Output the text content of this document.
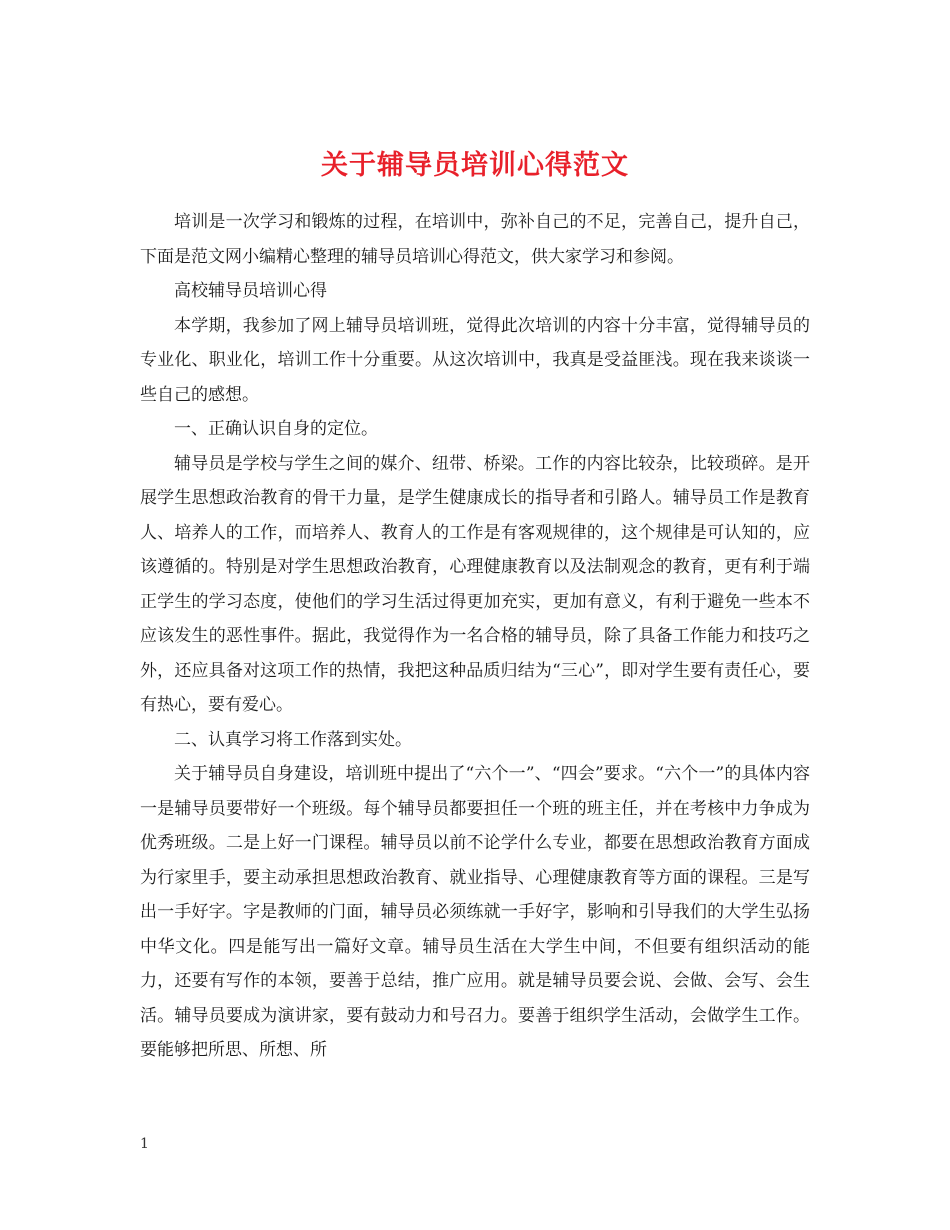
关于辅导员培训心得范文

培训是一次学习和锻炼的过程，在培训中，弥补自己的不足，完善自己，提升自己，下面是范文网小编精心整理的辅导员培训心得范文，供大家学习和参阅。

高校辅导员培训心得

本学期，我参加了网上辅导员培训班，觉得此次培训的内容十分丰富，觉得辅导员的专业化、职业化，培训工作十分重要。从这次培训中，我真是受益匪浅。现在我来谈谈一些自己的感想。

一、正确认识自身的定位。

辅导员是学校与学生之间的媒介、纽带、桥梁。工作的内容比较杂，比较琐碎。是开展学生思想政治教育的骨干力量，是学生健康成长的指导者和引路人。辅导员工作是教育人、培养人的工作，而培养人、教育人的工作是有客观规律的，这个规律是可认知的，应该遵循的。特别是对学生思想政治教育，心理健康教育以及法制观念的教育，更有利于端正学生的学习态度，使他们的学习生活过得更加充实，更加有意义，有利于避免一些本不应该发生的恶性事件。据此，我觉得作为一名合格的辅导员，除了具备工作能力和技巧之外，还应具备对这项工作的热情，我把这种品质归结为“三心”，即对学生要有责任心，要有热心，要有爱心。

二、认真学习将工作落到实处。

关于辅导员自身建设，培训班中提出了“六个一”、“四会”要求。“六个一”的具体内容一是辅导员要带好一个班级。每个辅导员都要担任一个班的班主任，并在考核中力争成为优秀班级。二是上好一门课程。辅导员以前不论学什么专业，都要在思想政治教育方面成为行家里手，要主动承担思想政治教育、就业指导、心理健康教育等方面的课程。三是写出一手好字。字是教师的门面，辅导员必须练就一手好字，影响和引导我们的大学生弘扬中华文化。四是能写出一篇好文章。辅导员生活在大学生中间，不但要有组织活动的能力，还要有写作的本领，要善于总结，推广应用。就是辅导员要会说、会做、会写、会生活。辅导员要成为演讲家，要有鼓动力和号召力。要善于组织学生活动，会做学生工作。要能够把所思、所想、所

1
